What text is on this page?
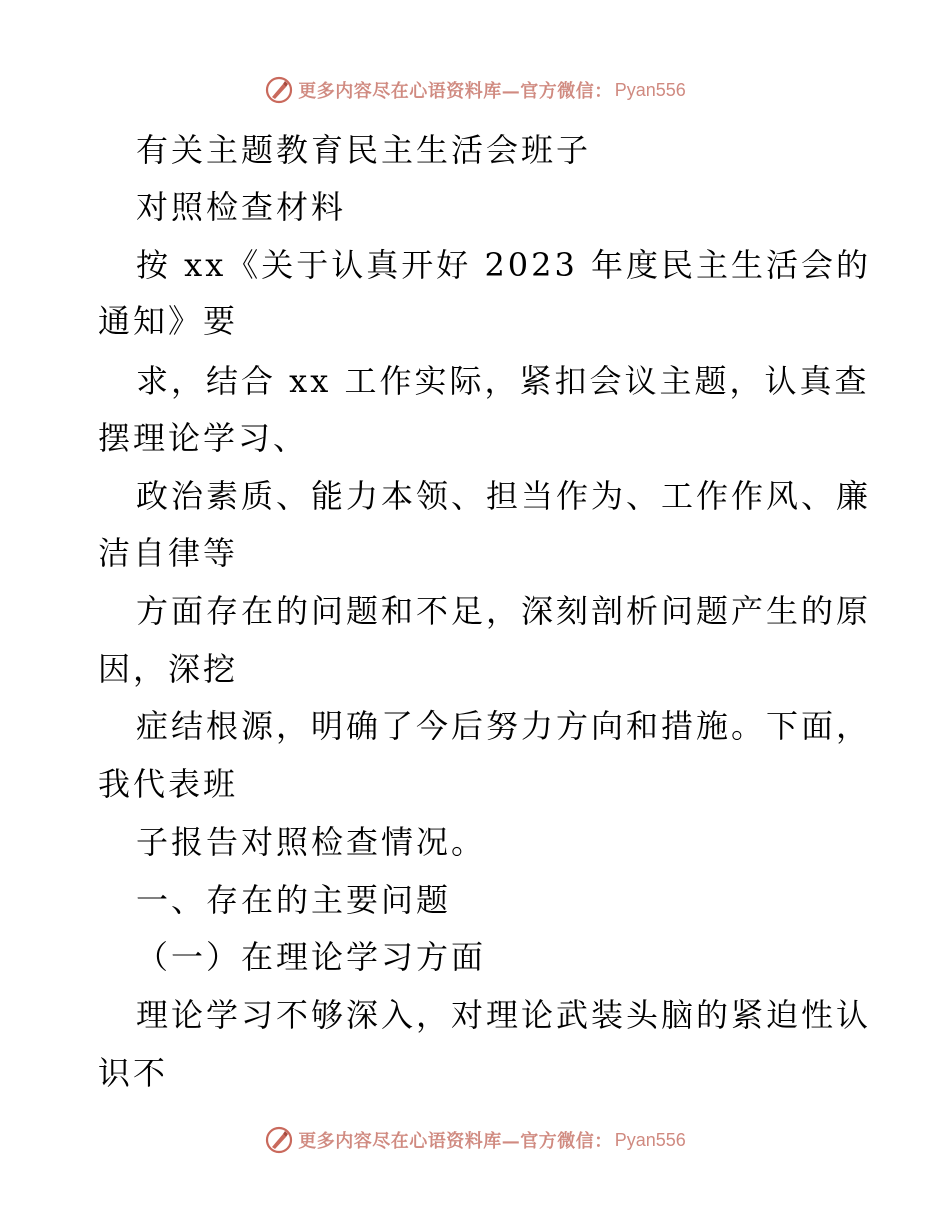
更多内容尽在心语资料库—官方微信： Pyan556

有关主题教育民主生活会班子

对照检查材料

按 xx《关于认真开好 2023 年度民主生活会的

通知》要

求，结合 xx 工作实际，紧扣会议主题，认真查

摆理论学习、

政治素质、能力本领、担当作为、工作作风、廉

洁自律等

方面存在的问题和不足，深刻剖析问题产生的原

因，深挖

症结根源，明确了今后努力方向和措施。下面，

我代表班

子报告对照检查情况。

一、存在的主要问题

（一）在理论学习方面

理论学习不够深入，对理论武装头脑的紧迫性认

识不

更多内容尽在心语资料库—官方微信： Pyan556
